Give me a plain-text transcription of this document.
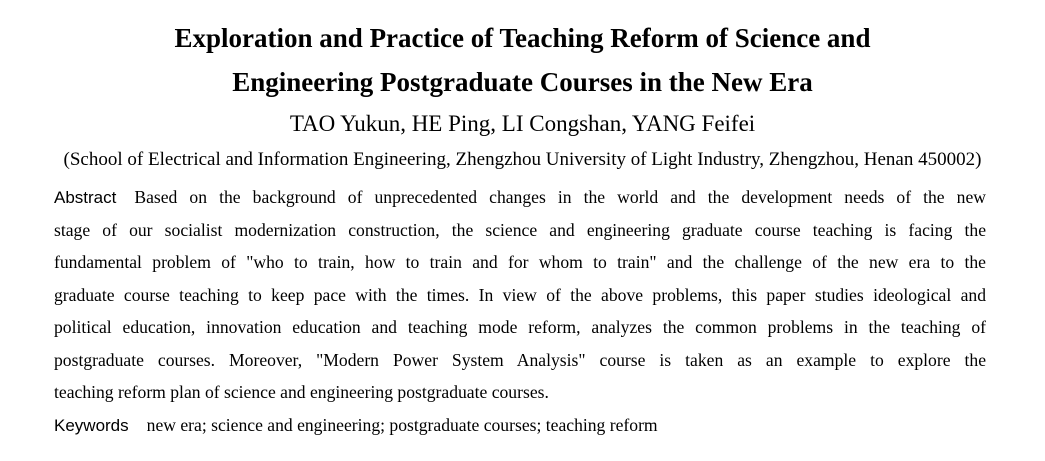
Exploration and Practice of Teaching Reform of Science and
Engineering Postgraduate Courses in the New Era
TAO Yukun, HE Ping, LI Congshan, YANG Feifei
(School of Electrical and Information Engineering, Zhengzhou University of Light Industry, Zhengzhou, Henan 450002)
Abstract Based on the background of unprecedented changes in the world and the development needs of the new
stage of our socialist modernization construction, the science and engineering graduate course teaching is facing the
fundamental problem of "who to train, how to train and for whom to train" and the challenge of the new era to the
graduate course teaching to keep pace with the times. In view of the above problems, this paper studies ideological and
political education, innovation education and teaching mode reform, analyzes the common problems in the teaching of
postgraduate courses. Moreover, "Modern Power System Analysis" course is taken as an example to explore the
teaching reform plan of science and engineering postgraduate courses.
Keywords new era; science and engineering; postgraduate courses; teaching reform
